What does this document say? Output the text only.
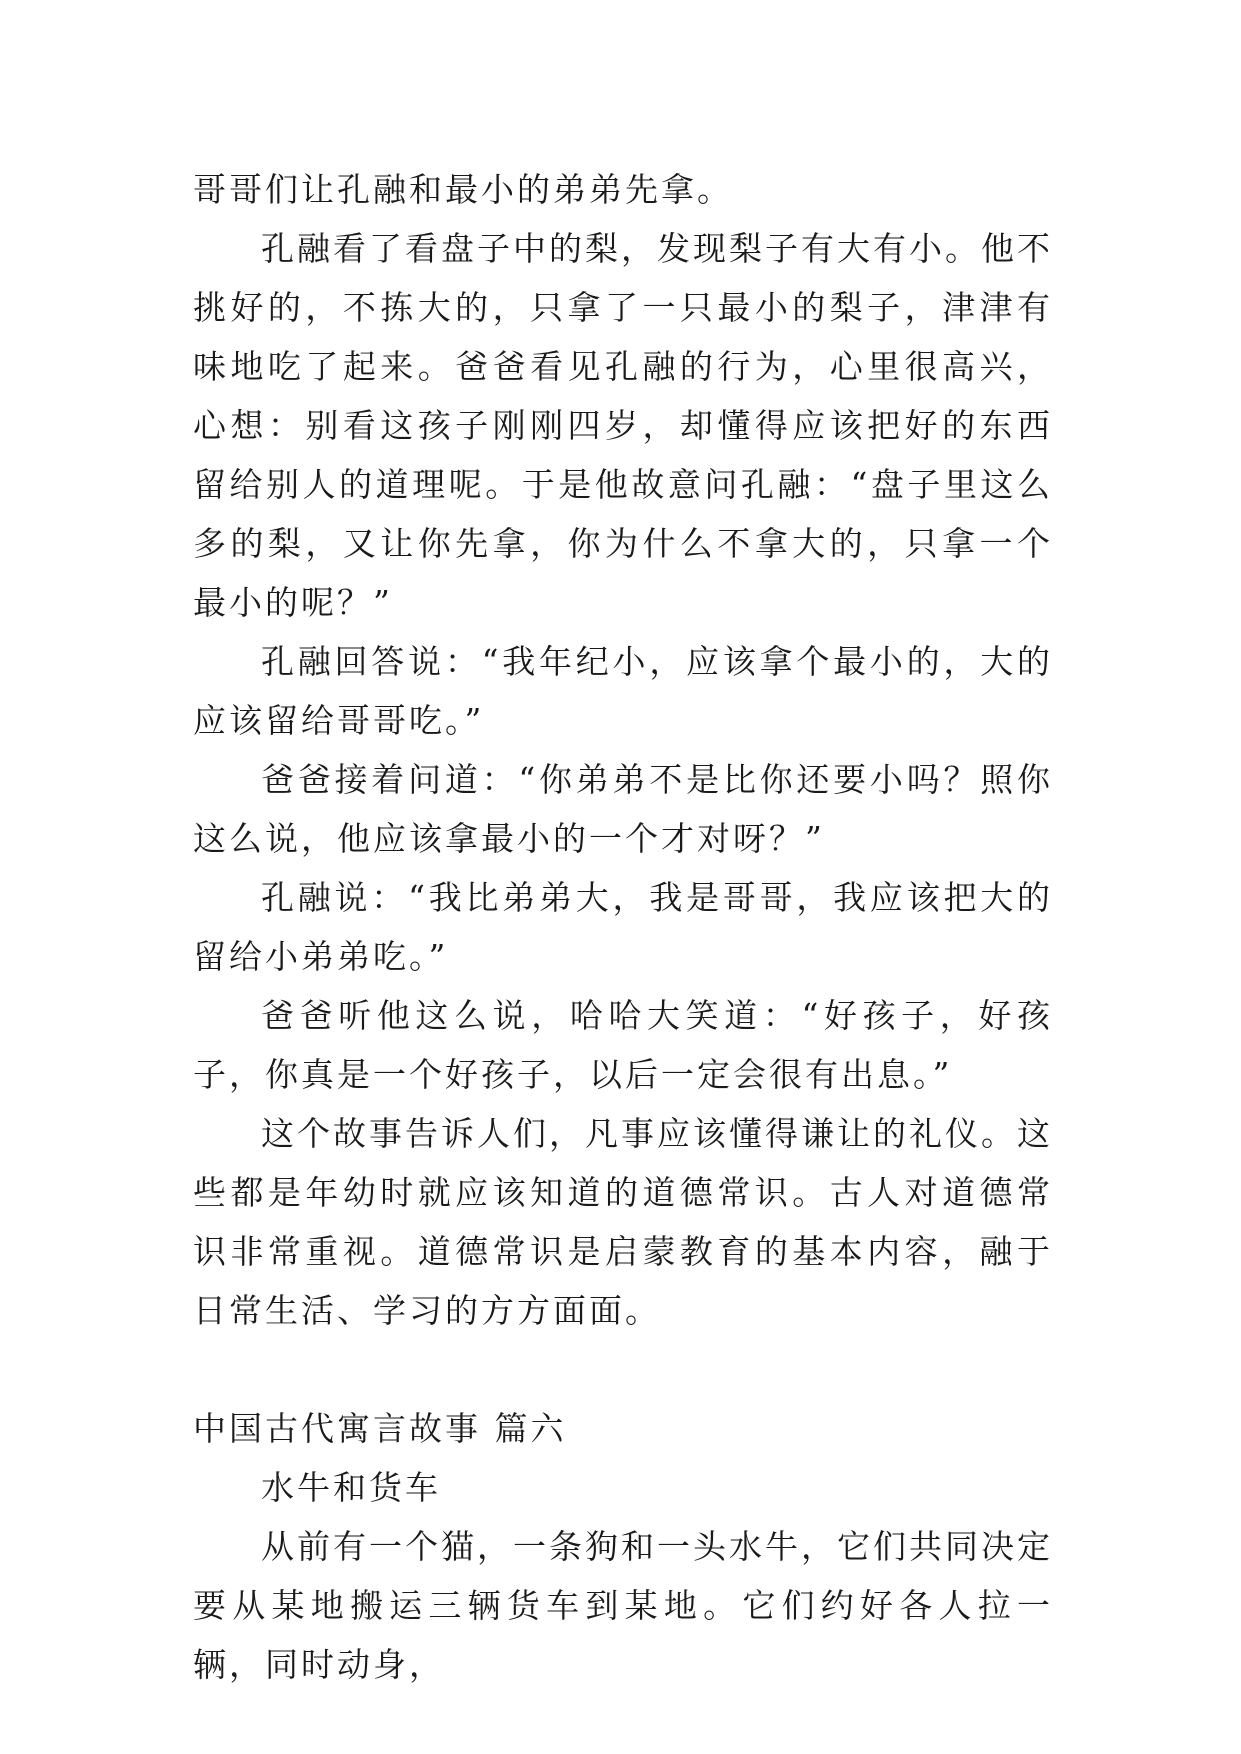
哥哥们让孔融和最小的弟弟先拿。

孔融看了看盘子中的梨，发现梨子有大有小。他不挑好的，不拣大的，只拿了一只最小的梨子，津津有味地吃了起来。爸爸看见孔融的行为，心里很高兴，心想：别看这孩子刚刚四岁，却懂得应该把好的东西留给别人的道理呢。于是他故意问孔融：“盘子里这么多的梨，又让你先拿，你为什么不拿大的，只拿一个最小的呢？”

孔融回答说：“我年纪小，应该拿个最小的，大的应该留给哥哥吃。”

爸爸接着问道：“你弟弟不是比你还要小吗？照你这么说，他应该拿最小的一个才对呀？”

孔融说：“我比弟弟大，我是哥哥，我应该把大的留给小弟弟吃。”

爸爸听他这么说，哈哈大笑道：“好孩子，好孩子，你真是一个好孩子，以后一定会很有出息。”

这个故事告诉人们，凡事应该懂得谦让的礼仪。这些都是年幼时就应该知道的道德常识。古人对道德常识非常重视。道德常识是启蒙教育的基本内容，融于日常生活、学习的方方面面。

中国古代寓言故事 篇六

水牛和货车

从前有一个猫，一条狗和一头水牛，它们共同决定要从某地搬运三辆货车到某地。它们约好各人拉一辆，同时动身，
